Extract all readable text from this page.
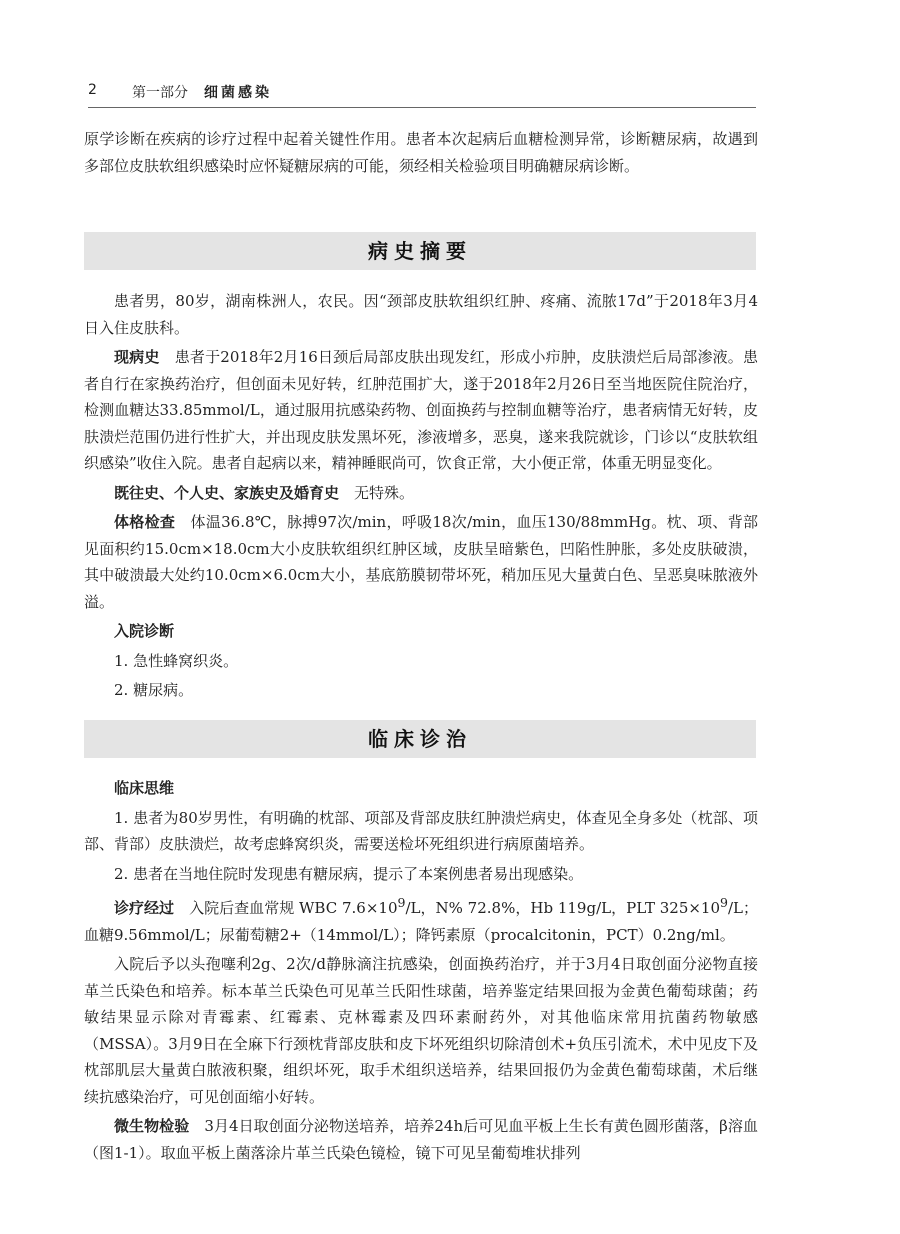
2	第一部分 细菌感染

原学诊断在疾病的诊疗过程中起着关键性作用。患者本次起病后血糖检测异常，诊断糖尿病，故遇到多部位皮肤软组织感染时应怀疑糖尿病的可能，须经相关检验项目明确糖尿病诊断。

病史摘要

患者男，80岁，湖南株洲人，农民。因“颈部皮肤软组织红肿、疼痛、流脓17d”于2018年3月4日入住皮肤科。

现病史　 患者于2018年2月16日颈后局部皮肤出现发红，形成小疖肿，皮肤溃烂后局部渗液。患者自行在家换药治疗，但创面未见好转，红肿范围扩大，遂于2018年2月26日至当地医院住院治疗，检测血糖达33.85mmol/L，通过服用抗感染药物、创面换药与控制血糖等治疗，患者病情无好转，皮肤溃烂范围仍进行性扩大，并出现皮肤发黑坏死，渗液增多，恶臭，遂来我院就诊，门诊以“皮肤软组织感染”收住入院。患者自起病以来，精神睡眠尚可，饮食正常，大小便正常，体重无明显变化。

既往史、个人史、家族史及婚育史　 无特殊。

体格检查　 体温36.8℃，脉搏97次/min，呼吸18次/min，血压130/88mmHg。枕、项、背部见面积约15.0cm×18.0cm大小皮肤软组织红肿区域，皮肤呈暗紫色，凹陷性肿胀，多处皮肤破溃，其中破溃最大处约10.0cm×6.0cm大小，基底筋膜韧带坏死，稍加压见大量黄白色、呈恶臭味脓液外溢。

入院诊断

1. 急性蜂窝织炎。

2. 糖尿病。

临床诊治

临床思维

1. 患者为80岁男性，有明确的枕部、项部及背部皮肤红肿溃烂病史，体查见全身多处（枕部、项部、背部）皮肤溃烂，故考虑蜂窝织炎，需要送检坏死组织进行病原菌培养。

2. 患者在当地住院时发现患有糖尿病，提示了本案例患者易出现感染。

诊疗经过　 入院后查血常规 WBC $7.6\times 10^9/L$，N% 72.8%，Hb 119g/L，PLT $325\times 10^9/L$；血糖9.56mmol/L；尿葡萄糖2+（14mmol/L）；降钙素原（procalcitonin，PCT）0.2ng/ml。

入院后予以头孢噻利2g、2次/d静脉滴注抗感染，创面换药治疗，并于3月4日取创面分泌物直接革兰氏染色和培养。标本革兰氏染色可见革兰氏阳性球菌，培养鉴定结果回报为金黄色葡萄球菌；药敏结果显示除对青霉素、红霉素、克林霉素及四环素耐药外，对其他临床常用抗菌药物敏感（MSSA）。3月9日在全麻下行颈枕背部皮肤和皮下坏死组织切除清创术+负压引流术，术中见皮下及枕部肌层大量黄白脓液积聚，组织坏死，取手术组织送培养，结果回报仍为金黄色葡萄球菌，术后继续抗感染治疗，可见创面缩小好转。

微生物检验　 3月4日取创面分泌物送培养，培养24h后可见血平板上生长有黄色圆形菌落，β溶血（图1-1）。取血平板上菌落涂片革兰氏染色镜检，镜下可见呈葡萄堆状排列
